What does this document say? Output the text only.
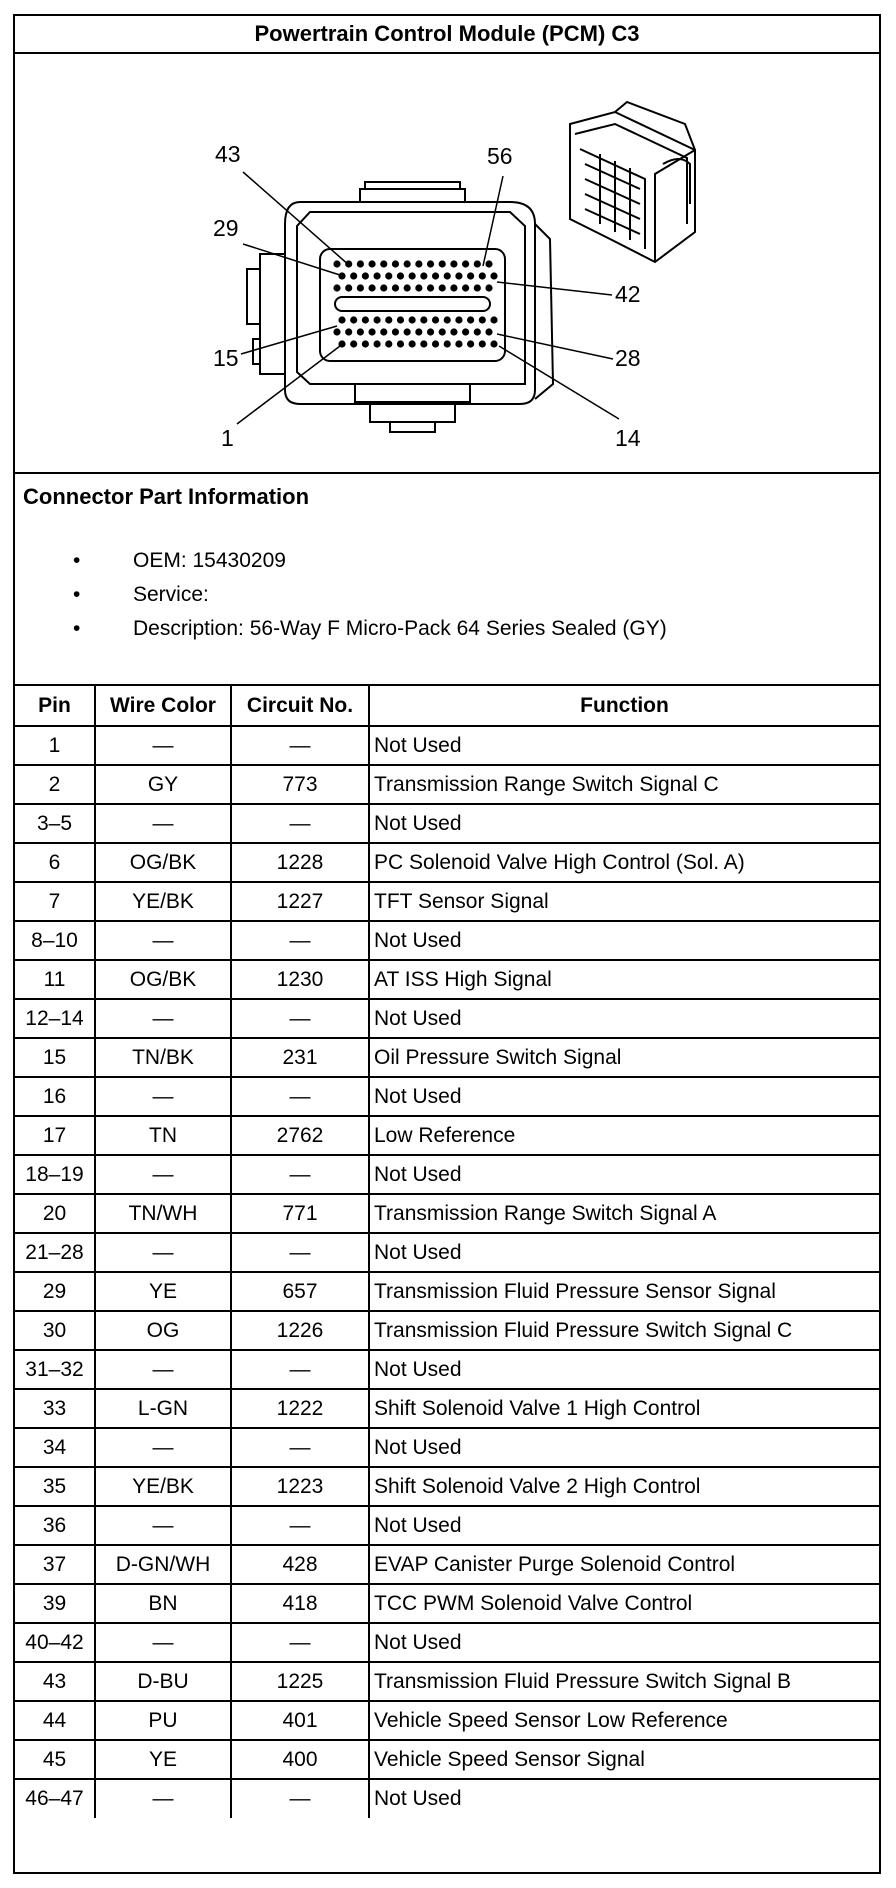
Powertrain Control Module (PCM) C3
43	56
29
42
15	28
1	14
Connector Part Information
•	OEM: 15430209
•	Service:
•	Description: 56-Way F Micro-Pack 64 Series Sealed (GY)
Pin	Wire Color	Circuit No.	Function
1	—	—	Not Used
2	GY	773	Transmission Range Switch Signal C
3–5	—	—	Not Used
6	OG/BK	1228	PC Solenoid Valve High Control (Sol. A)
7	YE/BK	1227	TFT Sensor Signal
8–10	—	—	Not Used
11	OG/BK	1230	AT ISS High Signal
12–14	—	—	Not Used
15	TN/BK	231	Oil Pressure Switch Signal
16	—	—	Not Used
17	TN	2762	Low Reference
18–19	—	—	Not Used
20	TN/WH	771	Transmission Range Switch Signal A
21–28	—	—	Not Used
29	YE	657	Transmission Fluid Pressure Sensor Signal
30	OG	1226	Transmission Fluid Pressure Switch Signal C
31–32	—	—	Not Used
33	L-GN	1222	Shift Solenoid Valve 1 High Control
34	—	—	Not Used
35	YE/BK	1223	Shift Solenoid Valve 2 High Control
36	—	—	Not Used
37	D-GN/WH	428	EVAP Canister Purge Solenoid Control
39	BN	418	TCC PWM Solenoid Valve Control
40–42	—	—	Not Used
43	D-BU	1225	Transmission Fluid Pressure Switch Signal B
44	PU	401	Vehicle Speed Sensor Low Reference
45	YE	400	Vehicle Speed Sensor Signal
46–47	—	—	Not Used
